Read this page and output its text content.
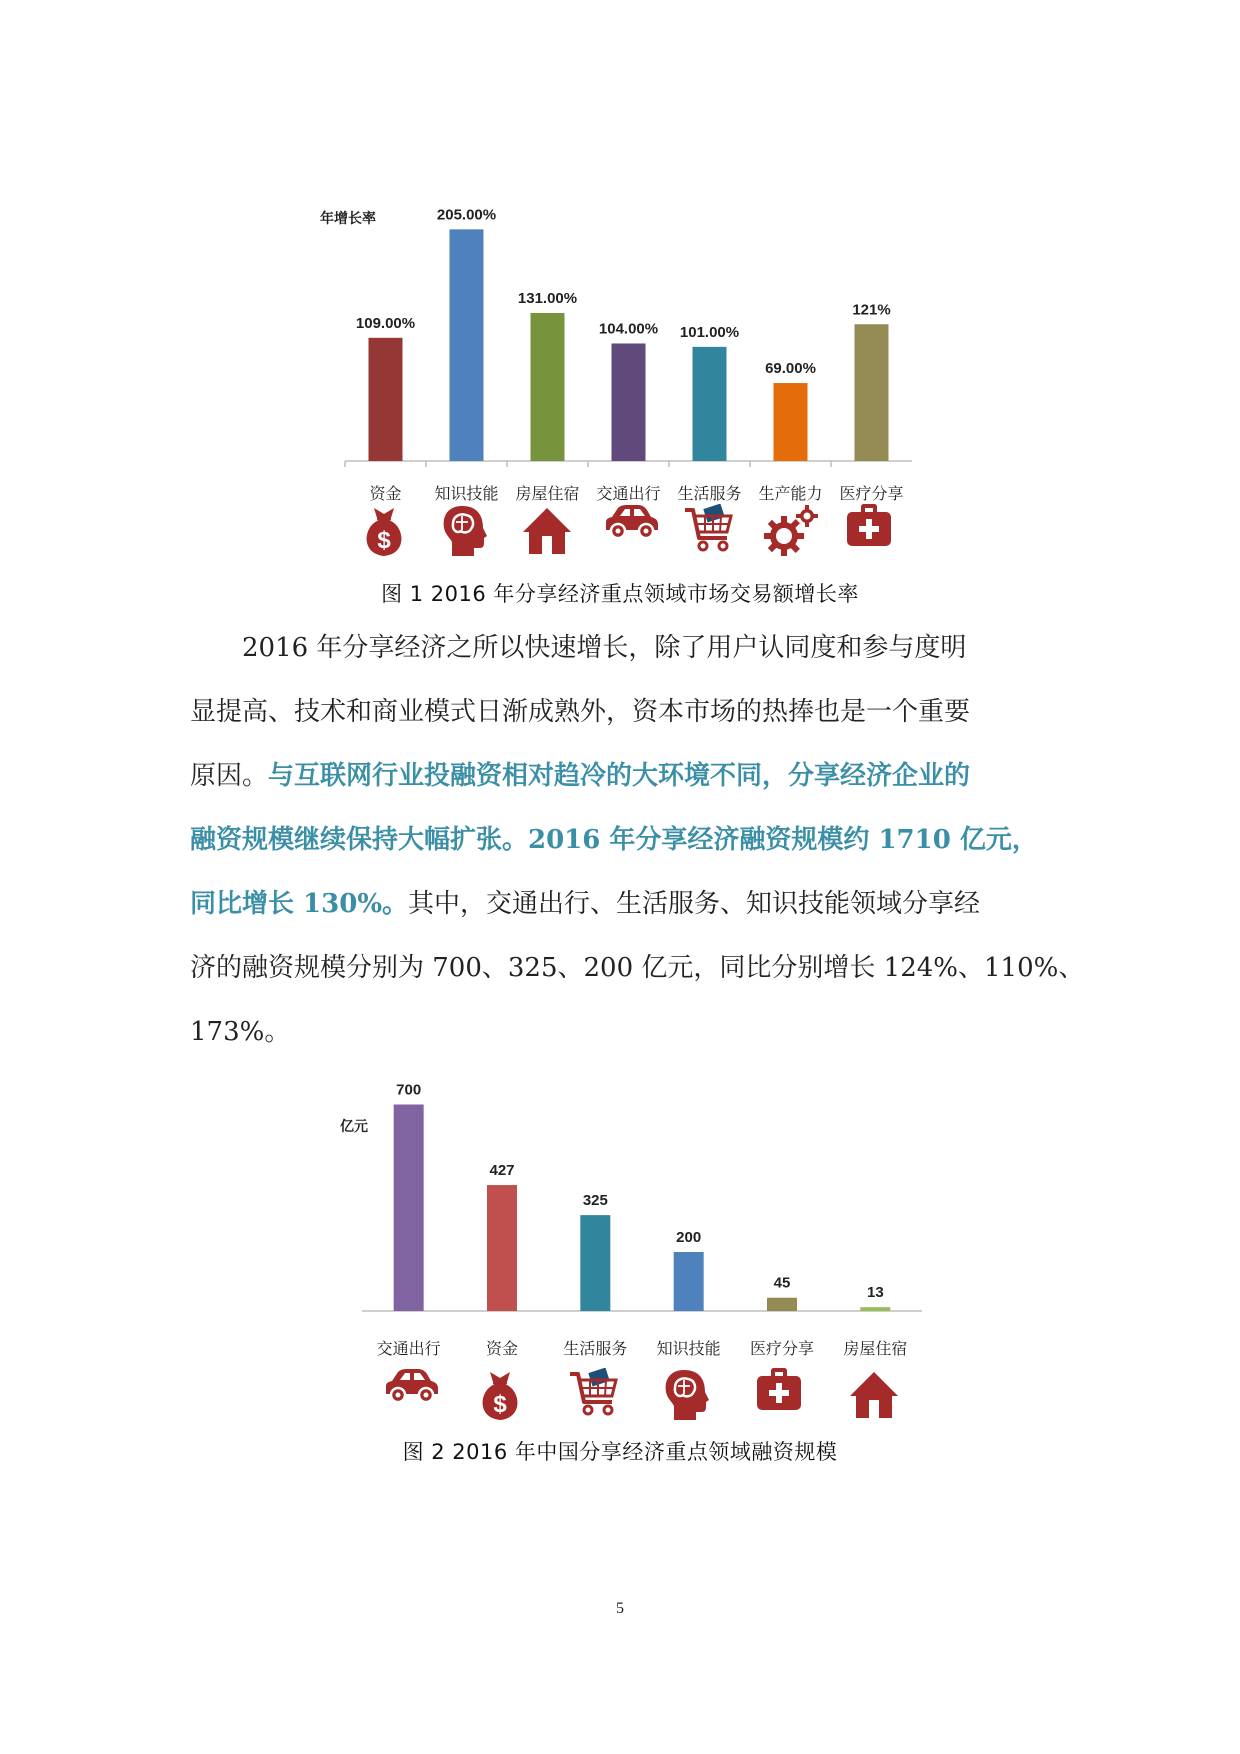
年增长率
109.00%
205.00%
131.00%
104.00% 101.00%
69.00%
121%
资金	知识技能	房屋住宿	交通出行	生活服务	生产能力	医疗分享
$
图 1 2016 年分享经济重点领域市场交易额增长率
2016 年分享经济之所以快速增长，除了用户认同度和参与度明
显提高、技术和商业模式日渐成熟外，资本市场的热捧也是一个重要
原因。与互联网行业投融资相对趋冷的大环境不同，分享经济企业的
融资规模继续保持大幅扩张。2016 年分享经济融资规模约 1710 亿元，
同比增长 130%。其中，交通出行、生活服务、知识技能领域分享经
济的融资规模分别为 700、325、200 亿元，同比分别增长 124%、110%、
173%。
亿元
700
427
325
200
45
13
交通出行	资金	生活服务	知识技能	医疗分享	房屋住宿
$
图 2 2016 年中国分享经济重点领域融资规模
5
